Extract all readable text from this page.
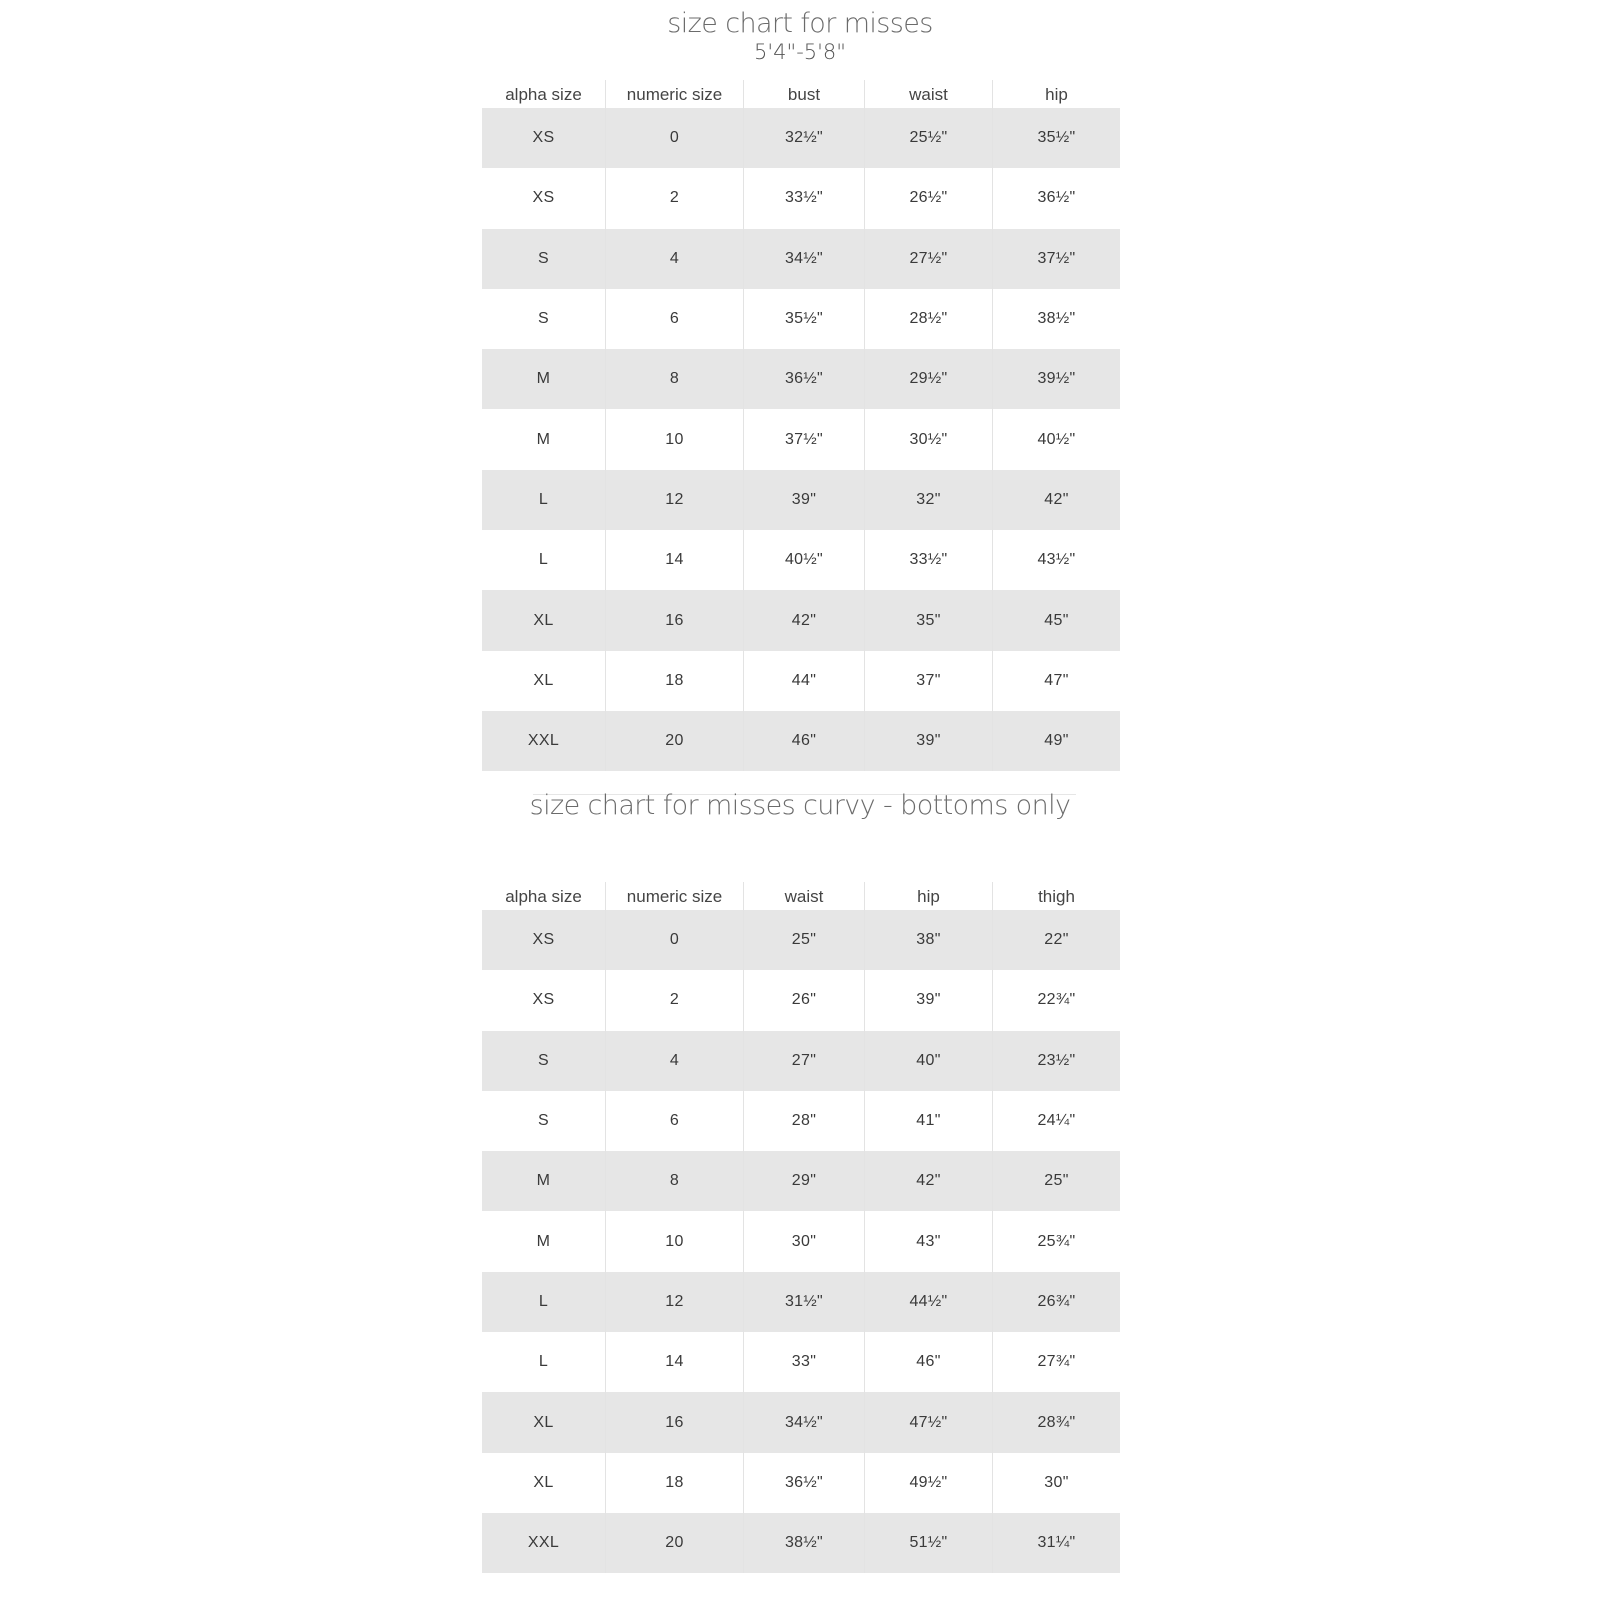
size chart for misses
5'4"-5'8"
alpha size	numeric size	bust	waist	hip
XS	0	32½"	25½"	35½"
XS	2	33½"	26½"	36½"
S	4	34½"	27½"	37½"
S	6	35½"	28½"	38½"
M	8	36½"	29½"	39½"
M	10	37½"	30½"	40½"
L	12	39"	32"	42"
L	14	40½"	33½"	43½"
XL	16	42"	35"	45"
XL	18	44"	37"	47"
XXL	20	46"	39"	49"
size chart for misses curvy - bottoms only
alpha size	numeric size	waist	hip	thigh
XS	0	25"	38"	22"
XS	2	26"	39"	22¾"
S	4	27"	40"	23½"
S	6	28"	41"	24¼"
M	8	29"	42"	25"
M	10	30"	43"	25¾"
L	12	31½"	44½"	26¾"
L	14	33"	46"	27¾"
XL	16	34½"	47½"	28¾"
XL	18	36½"	49½"	30"
XXL	20	38½"	51½"	31¼"
